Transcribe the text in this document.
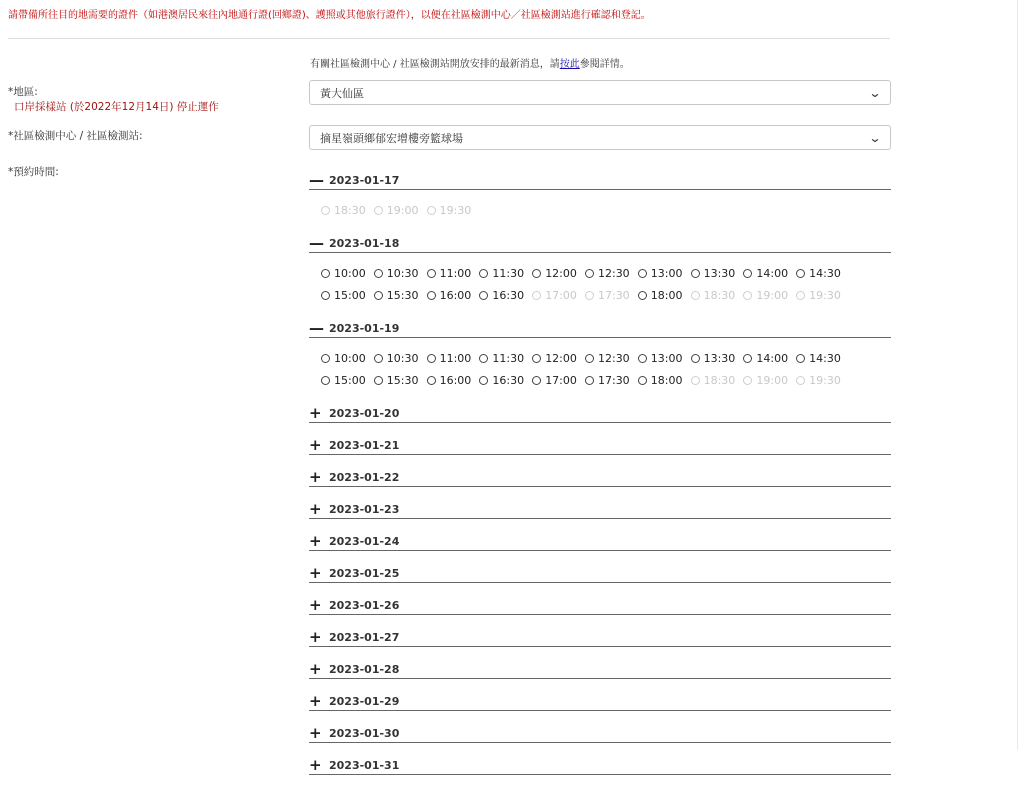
請帶備所往目的地需要的證件（如港澳居民來往內地通行證(回鄉證)、護照或其他旅行證件），以便在社區檢測中心／社區檢測站進行確認和登記。
有關社區檢測中心 / 社區檢測站開放安排的最新消息，請按此參閱詳情。
*地區:
口岸採樣站 (於2022年12月14日) 停止運作
黃大仙區	⌄
*社區檢測中心 / 社區檢測站:	摘星嶺頭鄉郁宏增樓旁籃球場	⌄
*預約時間:	— 2023-01-17
18:30 19:00 19:30
— 2023-01-18
10:00 10:30 11:00 11:30 12:00 12:30 13:00 13:30 14:00 14:30
15:00 15:30 16:00 16:30 17:00 17:30 18:00 18:30 19:00 19:30
— 2023-01-19
10:00 10:30 11:00 11:30 12:00 12:30 13:00 13:30 14:00 14:30
15:00 15:30 16:00 16:30 17:00 17:30 18:00 18:30 19:00 19:30
+ 2023-01-20
+ 2023-01-21
+ 2023-01-22
+ 2023-01-23
+ 2023-01-24
+ 2023-01-25
+ 2023-01-26
+ 2023-01-27
+ 2023-01-28
+ 2023-01-29
+ 2023-01-30
+ 2023-01-31
